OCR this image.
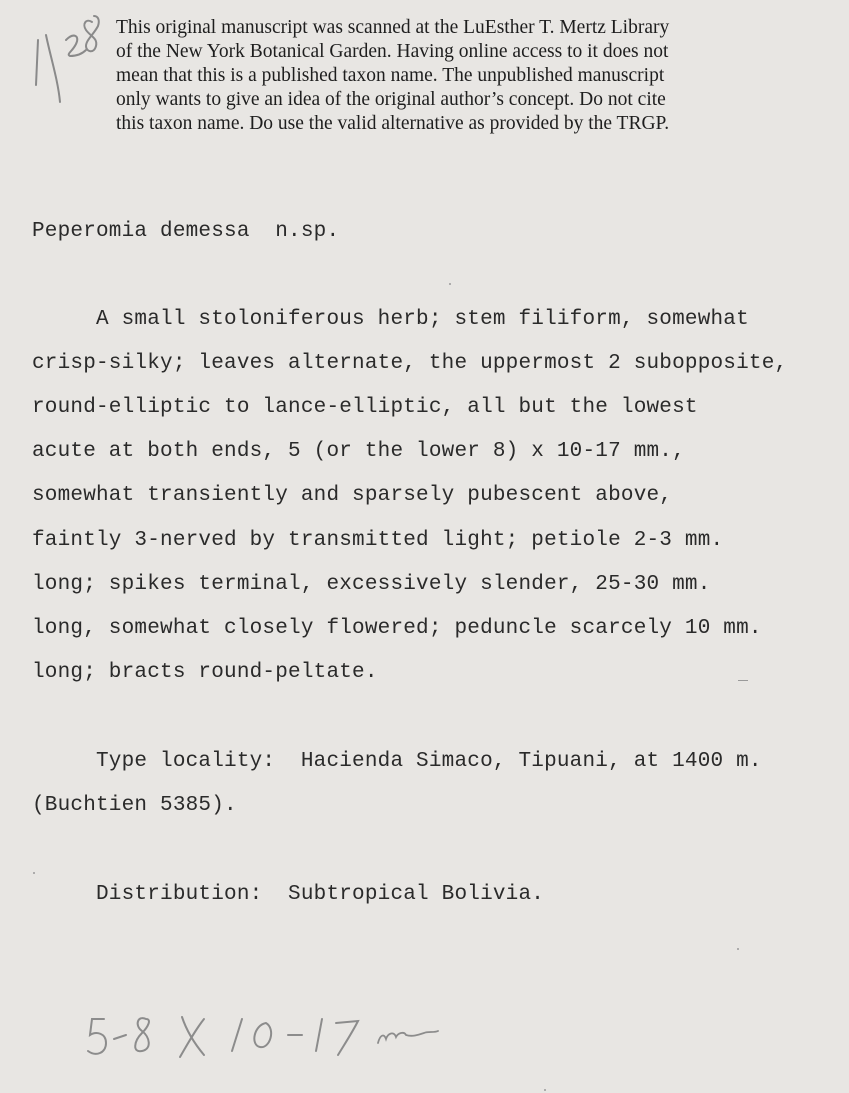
This original manuscript was scanned at the LuEsther T. Mertz Library
of the New York Botanical Garden. Having online access to it does not
mean that this is a published taxon name. The unpublished manuscript
only wants to give an idea of the original author’s concept. Do not cite
this taxon name. Do use the valid alternative as provided by the TRGP.
Peperomia demessa  n.sp.
A small stoloniferous herb; stem filiform, somewhat
crisp-silky; leaves alternate, the uppermost 2 subopposite,
round-elliptic to lance-elliptic, all but the lowest
acute at both ends, 5 (or the lower 8) x 10-17 mm.,
somewhat transiently and sparsely pubescent above,
faintly 3-nerved by transmitted light; petiole 2-3 mm.
long; spikes terminal, excessively slender, 25-30 mm.
long, somewhat closely flowered; peduncle scarcely 10 mm.
long; bracts round-peltate.
Type locality:  Hacienda Simaco, Tipuani, at 1400 m.
(Buchtien 5385).
Distribution:  Subtropical Bolivia.
